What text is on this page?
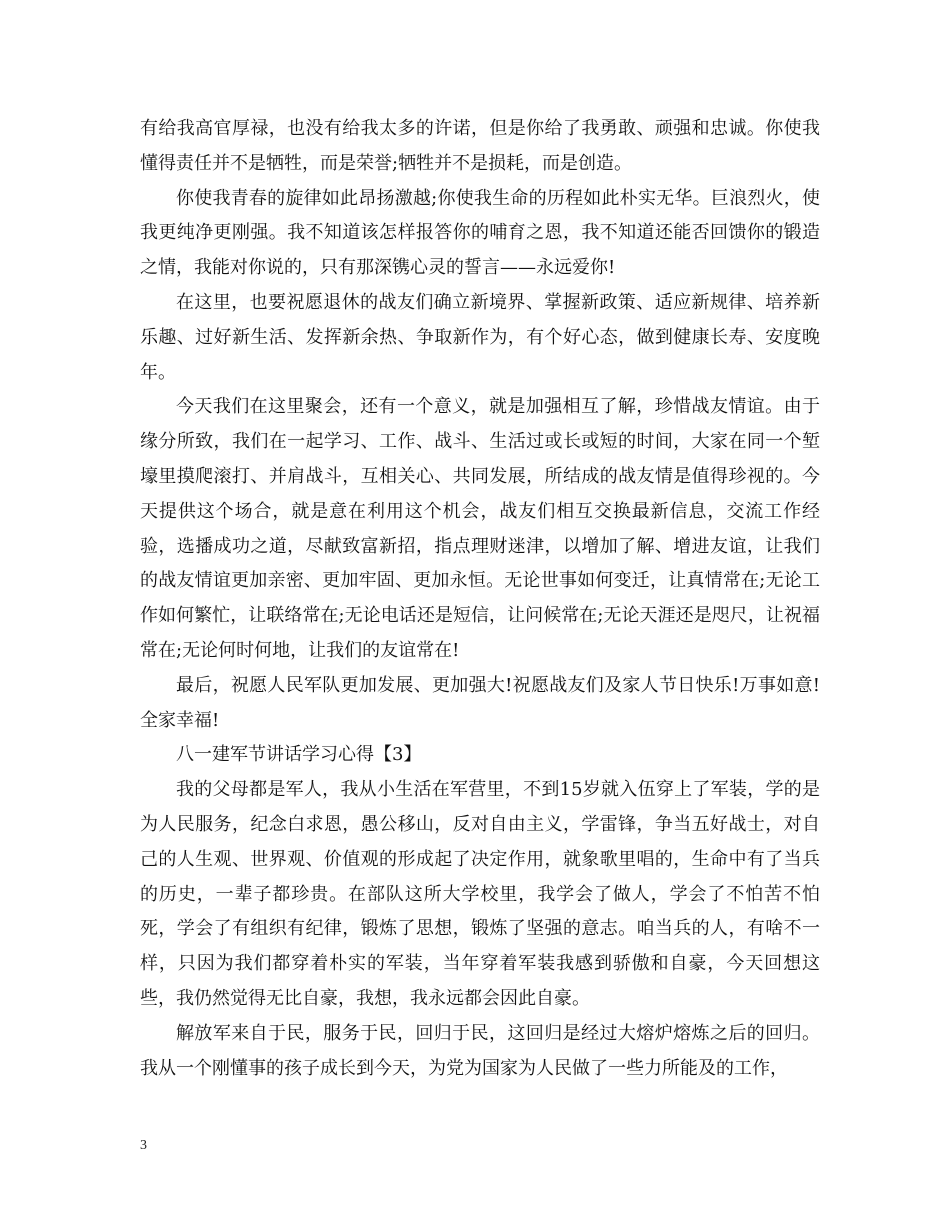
有给我高官厚禄，也没有给我太多的许诺，但是你给了我勇敢、顽强和忠诚。你使我懂得责任并不是牺牲，而是荣誉;牺牲并不是损耗，而是创造。

你使我青春的旋律如此昂扬激越;你使我生命的历程如此朴实无华。巨浪烈火，使我更纯净更刚强。我不知道该怎样报答你的哺育之恩，我不知道还能否回馈你的锻造之情，我能对你说的，只有那深镌心灵的誓言——永远爱你!

在这里，也要祝愿退休的战友们确立新境界、掌握新政策、适应新规律、培养新乐趣、过好新生活、发挥新余热、争取新作为，有个好心态，做到健康长寿、安度晚年。

今天我们在这里聚会，还有一个意义，就是加强相互了解，珍惜战友情谊。由于缘分所致，我们在一起学习、工作、战斗、生活过或长或短的时间，大家在同一个堑壕里摸爬滚打、并肩战斗，互相关心、共同发展，所结成的战友情是值得珍视的。今天提供这个场合，就是意在利用这个机会，战友们相互交换最新信息，交流工作经验，选播成功之道，尽献致富新招，指点理财迷津，以增加了解、增进友谊，让我们的战友情谊更加亲密、更加牢固、更加永恒。无论世事如何变迁，让真情常在;无论工作如何繁忙，让联络常在;无论电话还是短信，让问候常在;无论天涯还是咫尺，让祝福常在;无论何时何地，让我们的友谊常在!

最后，祝愿人民军队更加发展、更加强大!祝愿战友们及家人节日快乐!万事如意!全家幸福!

八一建军节讲话学习心得【3】

我的父母都是军人，我从小生活在军营里，不到15岁就入伍穿上了军装，学的是为人民服务，纪念白求恩，愚公移山，反对自由主义，学雷锋，争当五好战士，对自己的人生观、世界观、价值观的形成起了决定作用，就象歌里唱的，生命中有了当兵的历史，一辈子都珍贵。在部队这所大学校里，我学会了做人，学会了不怕苦不怕死，学会了有组织有纪律，锻炼了思想，锻炼了坚强的意志。咱当兵的人，有啥不一样，只因为我们都穿着朴实的军装，当年穿着军装我感到骄傲和自豪，今天回想这些，我仍然觉得无比自豪，我想，我永远都会因此自豪。

解放军来自于民，服务于民，回归于民，这回归是经过大熔炉熔炼之后的回归。我从一个刚懂事的孩子成长到今天，为党为国家为人民做了一些力所能及的工作，

3
